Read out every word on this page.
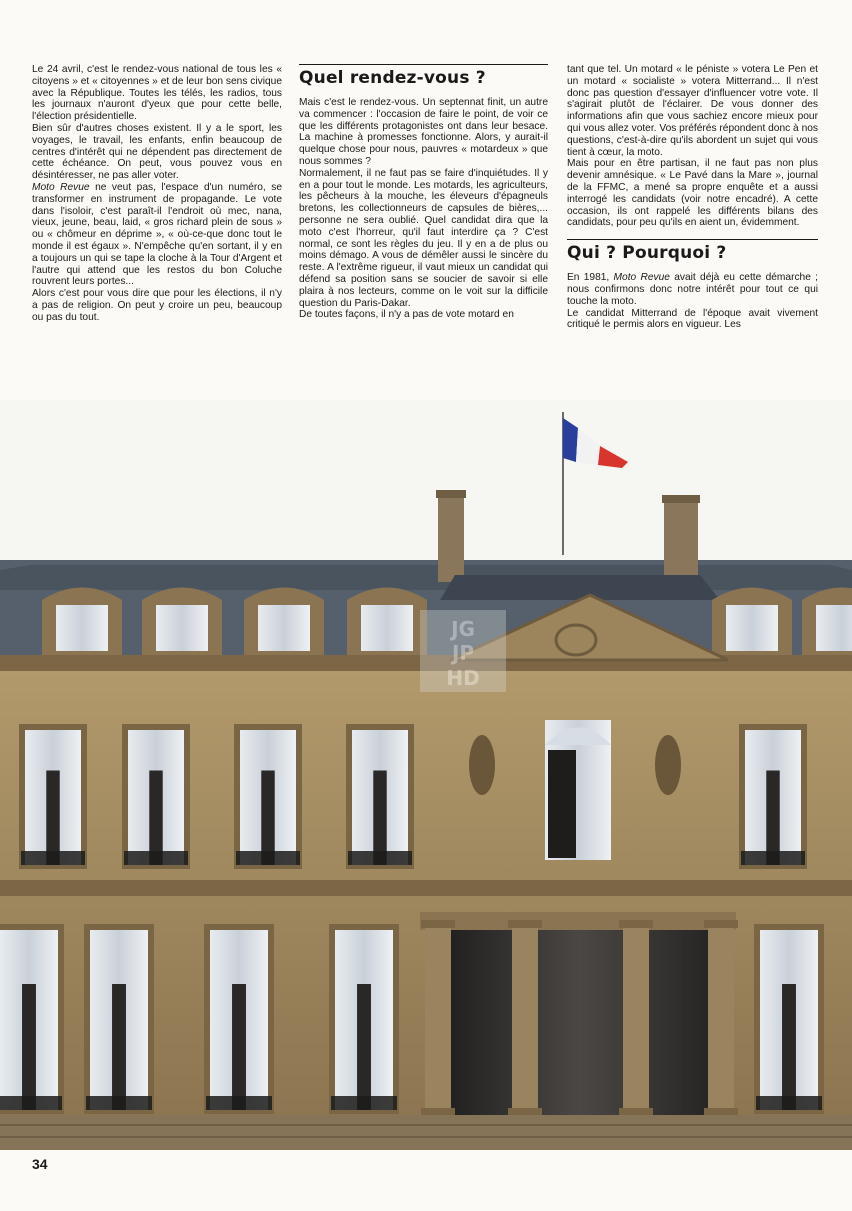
Le 24 avril, c'est le rendez-vous national de tous les « citoyens » et « citoyennes » et de leur bon sens civique avec la République. Toutes les télés, les radios, tous les journaux n'auront d'yeux que pour cette belle, l'élection présidentielle.

Bien sûr d'autres choses existent. Il y a le sport, les voyages, le travail, les enfants, enfin beaucoup de centres d'intérêt qui ne dépendent pas directement de cette échéance. On peut, vous pouvez vous en désintéresser, ne pas aller voter.

Moto Revue ne veut pas, l'espace d'un numéro, se transformer en instrument de propagande. Le vote dans l'isoloir, c'est paraît-il l'endroit où mec, nana, vieux, jeune, beau, laid, « gros richard plein de sous » ou « chômeur en déprime », « où-ce-que donc tout le monde il est égaux ». N'empêche qu'en sortant, il y en a toujours un qui se tape la cloche à la Tour d'Argent et l'autre qui attend que les restos du bon Coluche rouvrent leurs portes...

Alors c'est pour vous dire que pour les élections, il n'y a pas de religion. On peut y croire un peu, beaucoup ou pas du tout.

Quel rendez-vous ?

Mais c'est le rendez-vous. Un septennat finit, un autre va commencer : l'occasion de faire le point, de voir ce que les différents protagonistes ont dans leur besace. La machine à promesses fonctionne. Alors, y aurait-il quelque chose pour nous, pauvres « motardeux » que nous sommes ?

Normalement, il ne faut pas se faire d'inquiétudes. Il y en a pour tout le monde. Les motards, les agriculteurs, les pêcheurs à la mouche, les éleveurs d'épagneuls bretons, les collectionneurs de capsules de bières,... personne ne sera oublié. Quel candidat dira que la moto c'est l'horreur, qu'il faut interdire ça ? C'est normal, ce sont les règles du jeu. Il y en a de plus ou moins démago. A vous de démêler aussi le sincère du reste. A l'extrême rigueur, il vaut mieux un candidat qui défend sa position sans se soucier de savoir si elle plaira à nos lecteurs, comme on le voit sur la difficile question du Paris-Dakar.

De toutes façons, il n'y a pas de vote motard en

tant que tel. Un motard « le péniste » votera Le Pen et un motard « socialiste » votera Mitterrand... Il n'est donc pas question d'essayer d'influencer votre vote. Il s'agirait plutôt de l'éclairer. De vous donner des informations afin que vous sachiez encore mieux pour qui vous allez voter. Vos préférés répondent donc à nos questions, c'est-à-dire qu'ils abordent un sujet qui vous tient à cœur, la moto.

Mais pour en être partisan, il ne faut pas non plus devenir amnésique. « Le Pavé dans la Mare », journal de la FFMC, a mené sa propre enquête et a aussi interrogé les candidats (voir notre encadré). A cette occasion, ils ont rappelé les différents bilans des candidats, pour peu qu'ils en aient un, évidemment.

Qui ? Pourquoi ?

En 1981, Moto Revue avait déjà eu cette démarche ; nous confirmons donc notre intérêt pour tout ce qui touche la moto.

Le candidat Mitterrand de l'époque avait vivement critiqué le permis alors en vigueur. Les

JG
JP
HD
34
